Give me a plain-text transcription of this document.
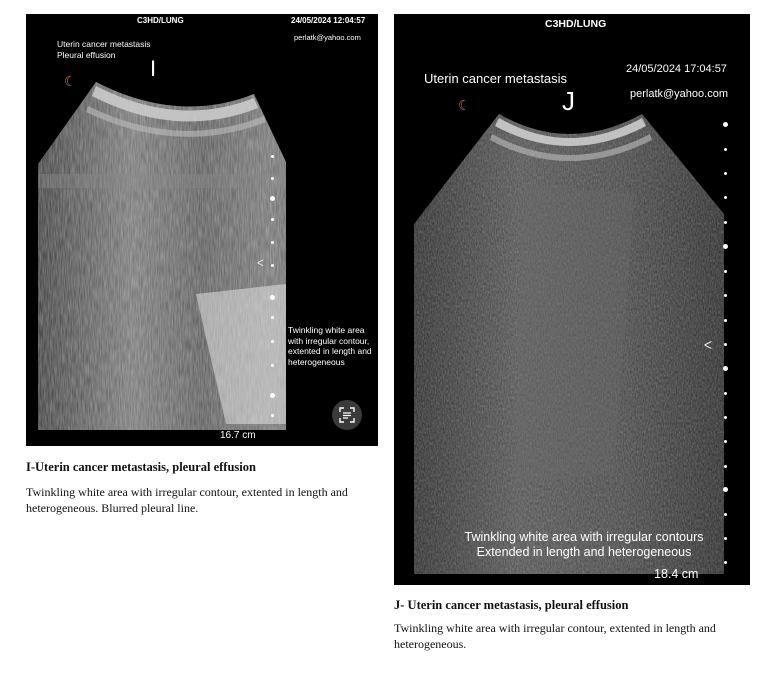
C3HD/LUNG	24/05/2024 12:04:57
perlatk@yahoo.com
Uterin cancer metastasis
Pleural effusion
I
☾
ᐸ
Twinkling white area with irregular contour, extented in length and heterogeneous
16.7 cm
I-Uterin cancer metastasis, pleural effusion
Twinkling white area with irregular contour, extented in length and
heterogeneous. Blurred pleural line.
C3HD/LUNG
24/05/2024 17:04:57
perlatk@yahoo.com
Uterin cancer metastasis
J
☾
ᐸ
Twinkling white area with irregular contours
Extended in length and heterogeneous
18.4 cm
J- Uterin cancer metastasis, pleural effusion
Twinkling white area with irregular contour, extented in length and
heterogeneous.
